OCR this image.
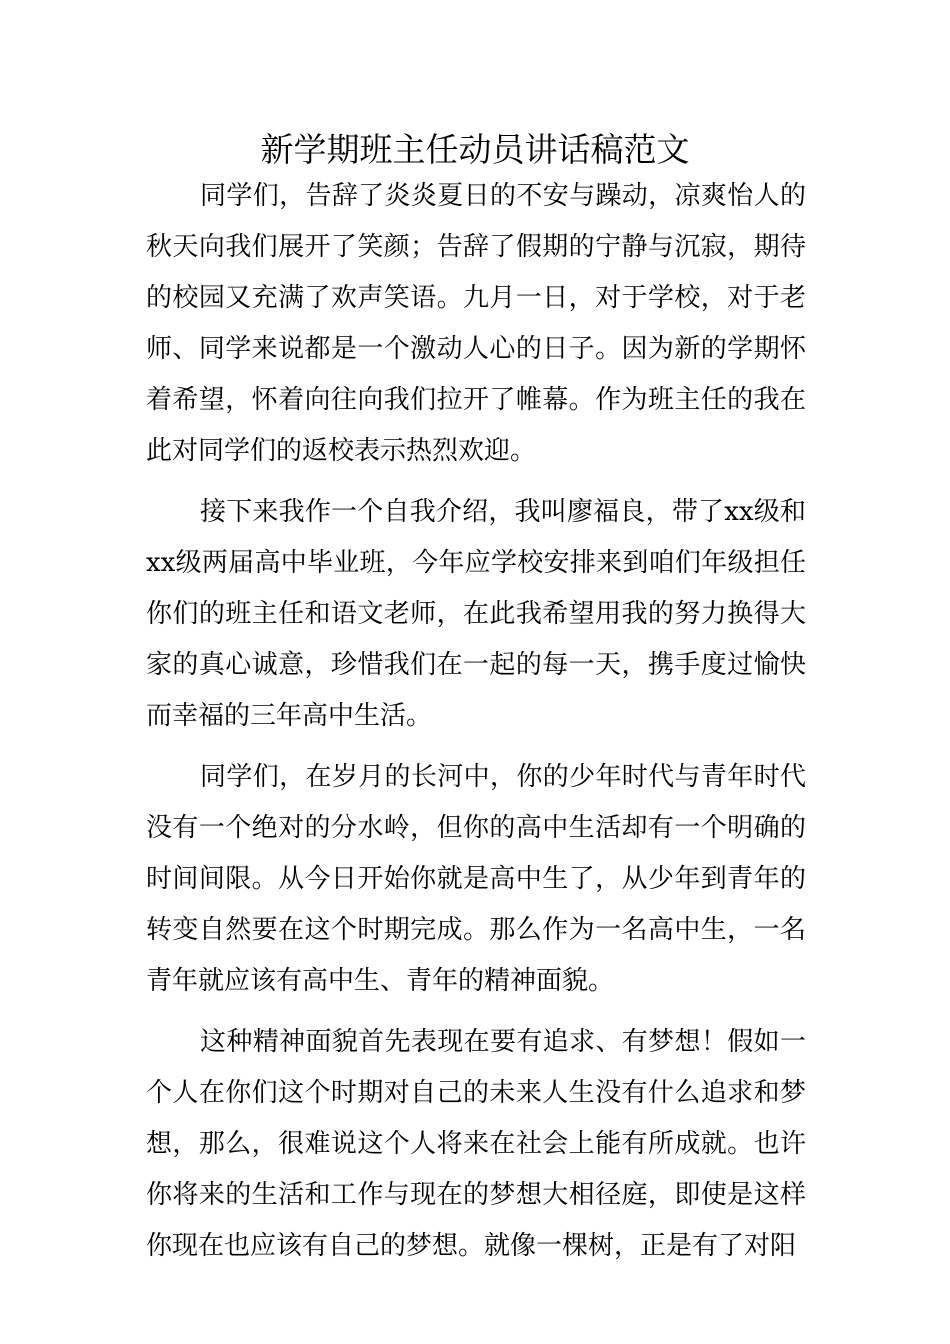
新学期班主任动员讲话稿范文

同学们，告辞了炎炎夏日的不安与躁动，凉爽怡人的秋天向我们展开了笑颜；告辞了假期的宁静与沉寂，期待的校园又充满了欢声笑语。九月一日，对于学校，对于老师、同学来说都是一个激动人心的日子。因为新的学期怀着希望，怀着向往向我们拉开了帷幕。作为班主任的我在此对同学们的返校表示热烈欢迎。

接下来我作一个自我介绍，我叫廖福良，带了xx级和xx级两届高中毕业班，今年应学校安排来到咱们年级担任你们的班主任和语文老师，在此我希望用我的努力换得大家的真心诚意，珍惜我们在一起的每一天，携手度过愉快而幸福的三年高中生活。

同学们，在岁月的长河中，你的少年时代与青年时代没有一个绝对的分水岭，但你的高中生活却有一个明确的时间间限。从今日开始你就是高中生了，从少年到青年的转变自然要在这个时期完成。那么作为一名高中生，一名青年就应该有高中生、青年的精神面貌。

这种精神面貌首先表现在要有追求、有梦想！假如一个人在你们这个时期对自己的未来人生没有什么追求和梦想，那么，很难说这个人将来在社会上能有所成就。也许你将来的生活和工作与现在的梦想大相径庭，即使是这样你现在也应该有自己的梦想。就像一棵树，正是有了对阳
